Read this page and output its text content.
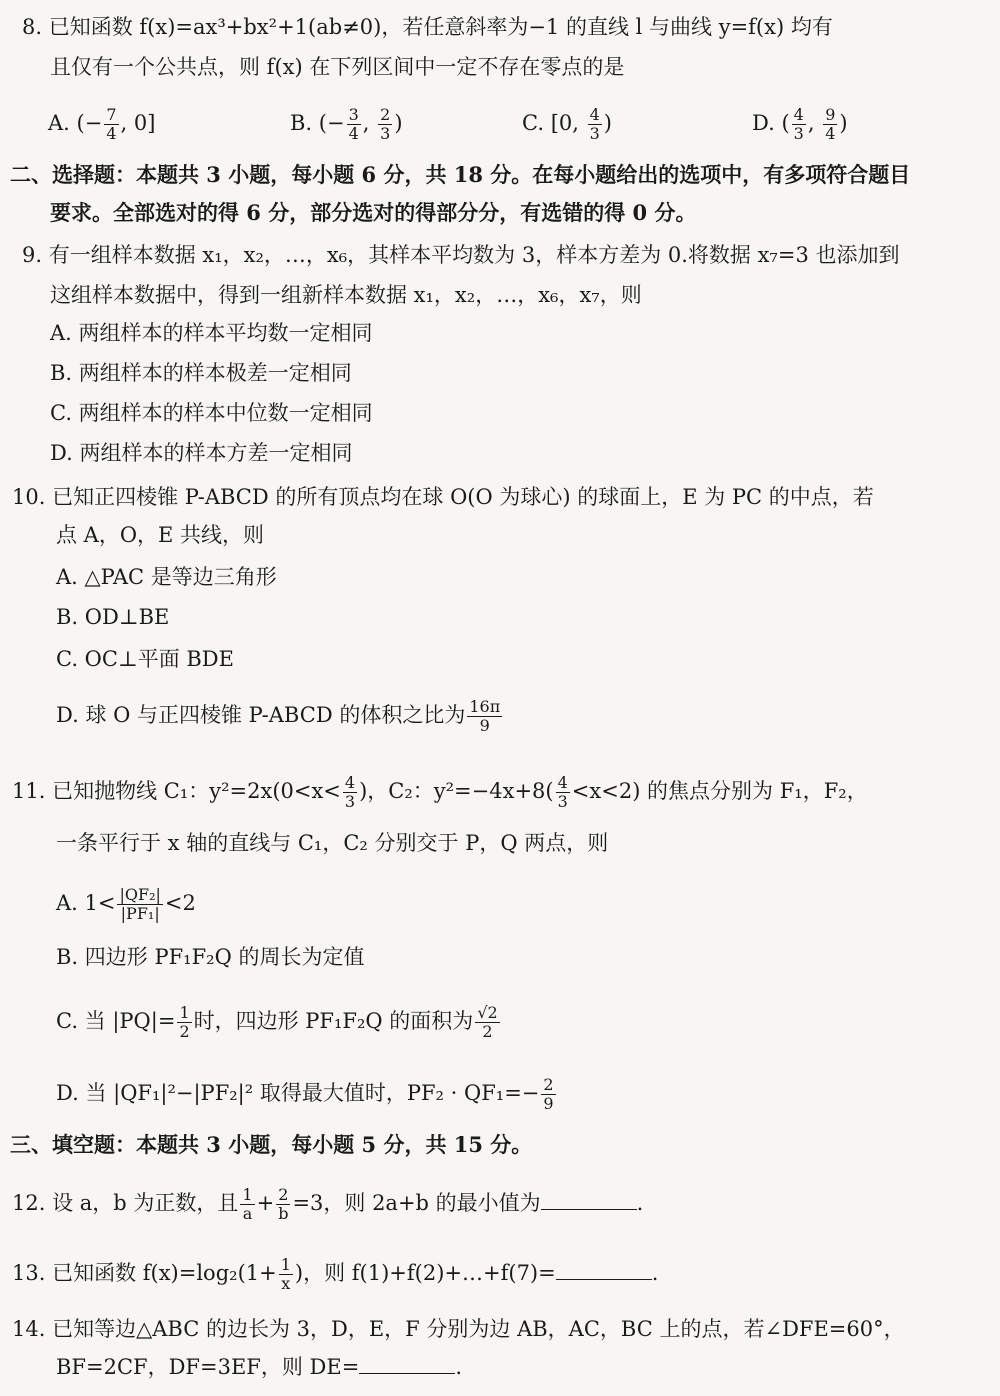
8. 已知函数 f(x)=ax³+bx²+1(ab≠0)，若任意斜率为−1 的直线 l 与曲线 y=f(x) 均有
且仅有一个公共点，则 f(x) 在下列区间中一定不存在零点的是
A. (− $\frac{7}{4}$ , 0]	B. (− $\frac{3}{4}$ , $\frac{2}{3}$ )	C. [0, $\frac{4}{3}$ )	D. ( $\frac{4}{3}$ , $\frac{9}{4}$ )
二、选择题：本题共 3 小题，每小题 6 分，共 18 分。在每小题给出的选项中，有多项符合题目
要求。全部选对的得 6 分，部分选对的得部分分，有选错的得 0 分。
9. 有一组样本数据 x₁，x₂，…，x₆，其样本平均数为 3，样本方差为 0.将数据 x₇=3 也添加到
这组样本数据中，得到一组新样本数据 x₁，x₂，…，x₆，x₇，则
A. 两组样本的样本平均数一定相同
B. 两组样本的样本极差一定相同
C. 两组样本的样本中位数一定相同
D. 两组样本的样本方差一定相同
10. 已知正四棱锥 P-ABCD 的所有顶点均在球 O(O 为球心) 的球面上，E 为 PC 的中点，若
点 A，O，E 共线，则
A. △PAC 是等边三角形
B. OD⊥BE
C. OC⊥平面 BDE
D. 球 O 与正四棱锥 P-ABCD 的体积之比为 $\frac{16\pi}{9}$
11. 已知抛物线 C₁：$y^2=2x(0<x< \frac{4}{3}$ )，C₂：$y^2=-4x+8( \frac{4}{3} <x<2)$ 的焦点分别为 F₁，F₂，
一条平行于 x 轴的直线与 C₁，C₂ 分别交于 P，Q 两点，则
A. $1< \frac{\text{|QF₂|}}{\text{|PF₁|}} <2$
B. 四边形 PF₁F₂Q 的周长为定值
C. 当 $|PQ|= \frac{1}{2}$ 时，四边形 PF₁F₂Q 的面积为 $\frac{√2}{2}$
D. 当 |QF₁|²−|PF₂|² 取得最大值时，$PF_2 \cdot QF_1=- \frac{2}{9}$
三、填空题：本题共 3 小题，每小题 5 分，共 15 分。
12. 设 a，b 为正数，且 $\frac{1}{a} + \frac{2}{b} =3$，则 2a+b 的最小值为	.
13. 已知函数 $f(x)=\log_2(1+ \frac{1}{x}$ )，则 f(1)+f(2)+…+f(7)=	.
14. 已知等边△ABC 的边长为 3，D，E，F 分别为边 AB，AC，BC 上的点，若∠DFE=60°，
BF=2CF，DF=3EF，则 DE=	.
